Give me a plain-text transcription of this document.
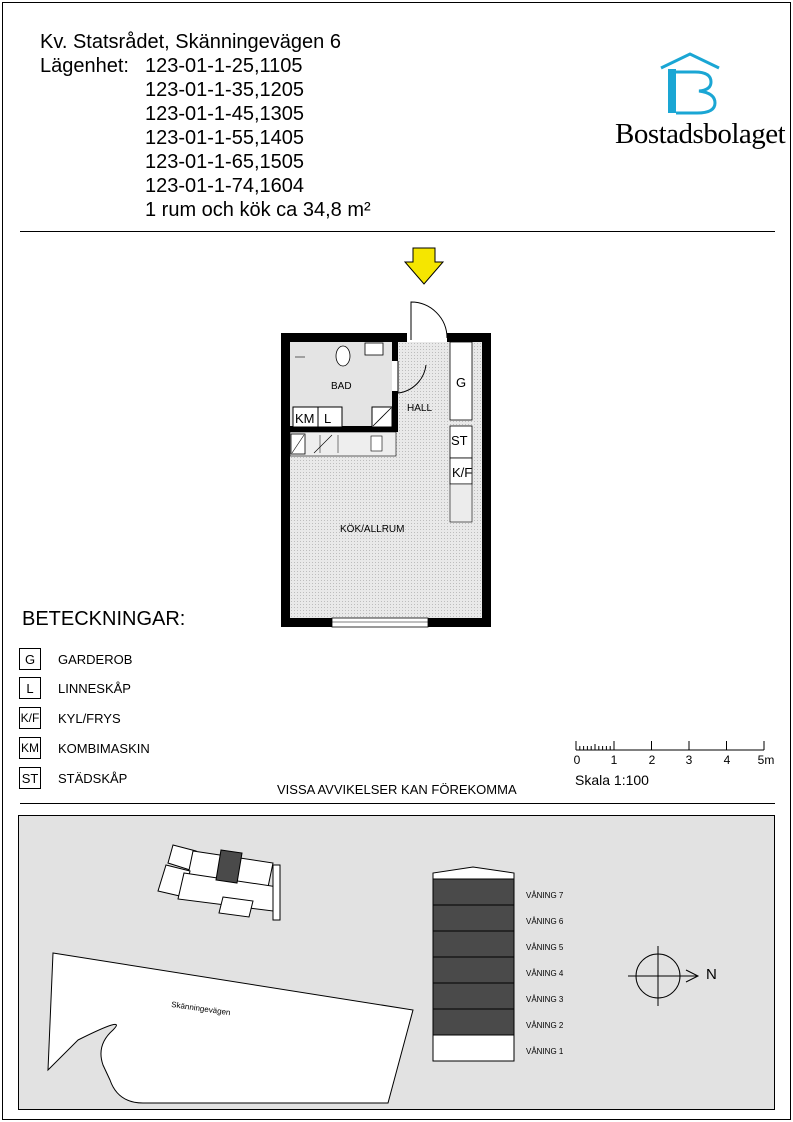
Kv. Statsrådet, Skänningevägen 6
Lägenhet: 123-01-1-25,1105
123-01-1-35,1205
123-01-1-45,1305
123-01-1-55,1405
123-01-1-65,1505
123-01-1-74,1604
1 rum och kök ca 34,8 m²
Bostadsbolaget
BAD
HALL
KÖK/ALLRUM
G
ST
K/F
KM L
BETECKNINGAR:
G	GARDEROB
L	LINNESKÅP
K/F KYL/FRYS
KM KOMBIMASKIN
ST STÄDSKÅP
0	1	2	3	4 5m
Skala 1:100
VISSA AVVIKELSER KAN FÖREKOMMA
Skänningevägen
N
VÅNING 7
VÅNING 6
VÅNING 5
VÅNING 4
VÅNING 3
VÅNING 2
VÅNING 1
